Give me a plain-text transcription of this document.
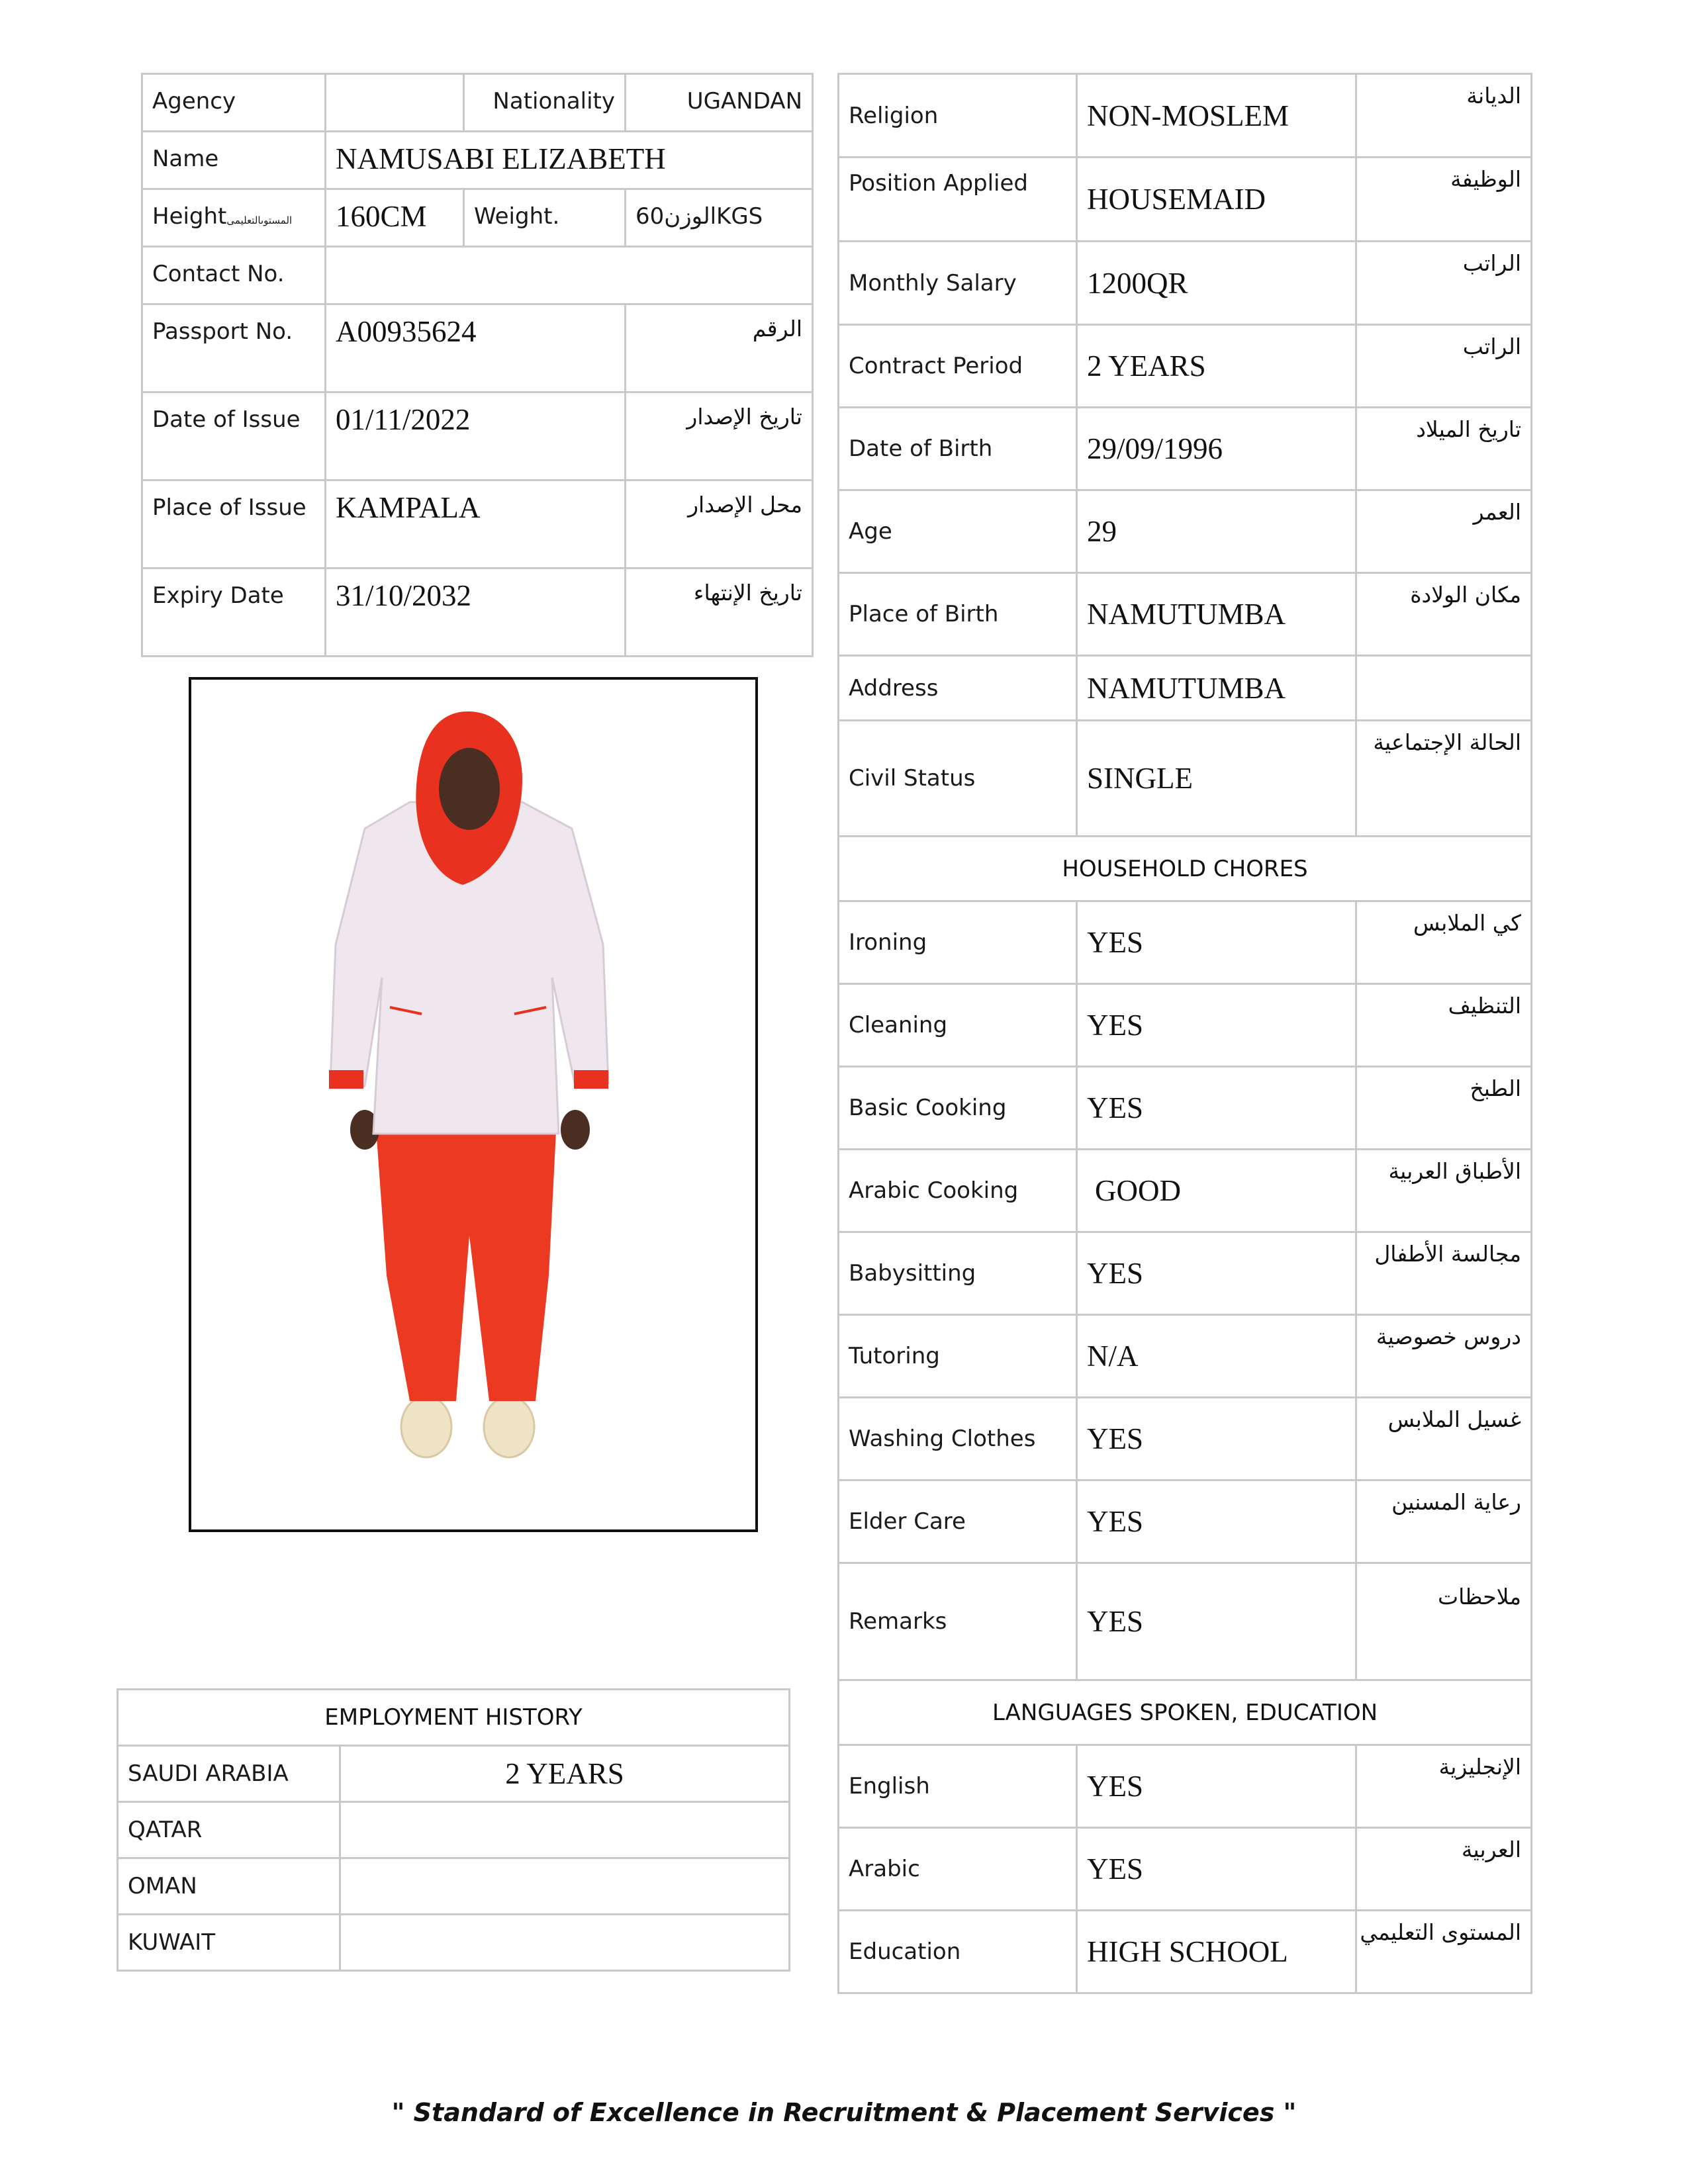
Agency		Nationality	UGANDAN
Name	NAMUSABI ELIZABETH		
Heightالمستوىالتعليمى	160CM	Weight.	60الوزنKGS
Contact No.			
Passport No.	A00935624		الرقم
Date of Issue	01/11/2022		تاريخ الإصدار
Place of Issue	KAMPALA		محل الإصدار
Expiry Date	31/10/2032		تاريخ الإنتهاء
Religion	NON-MOSLEM	الديانة
Position Applied	HOUSEMAID	الوظيفة
Monthly Salary	1200QR	الراتب
Contract Period	2 YEARS	الراتب
Date of Birth	29/09/1996	تاريخ الميلاد
Age	29	العمر
Place of Birth	NAMUTUMBA	مكان الولادة
Address	NAMUTUMBA	
Civil Status	SINGLE	الحالة الإجتماعية
HOUSEHOLD CHORES		
Ironing	YES	كي الملابس
Cleaning	YES	التنظيف
Basic Cooking	YES	الطبخ
Arabic Cooking	GOOD	الأطباق العربية
Babysitting	YES	مجالسة الأطفال
Tutoring	N/A	دروس خصوصية
Washing Clothes	YES	غسيل الملابس
Elder Care	YES	رعاية المسنين
Remarks	YES	ملاحظات
LANGUAGES SPOKEN, EDUCATION		
English	YES	الإنجليزية
Arabic	YES	العربية
Education	HIGH SCHOOL	المستوى التعليمي
EMPLOYMENT HISTORY	
SAUDI ARABIA	2 YEARS
QATAR	
OMAN	
KUWAIT	
" Standard of Excellence in Recruitment & Placement Services "
